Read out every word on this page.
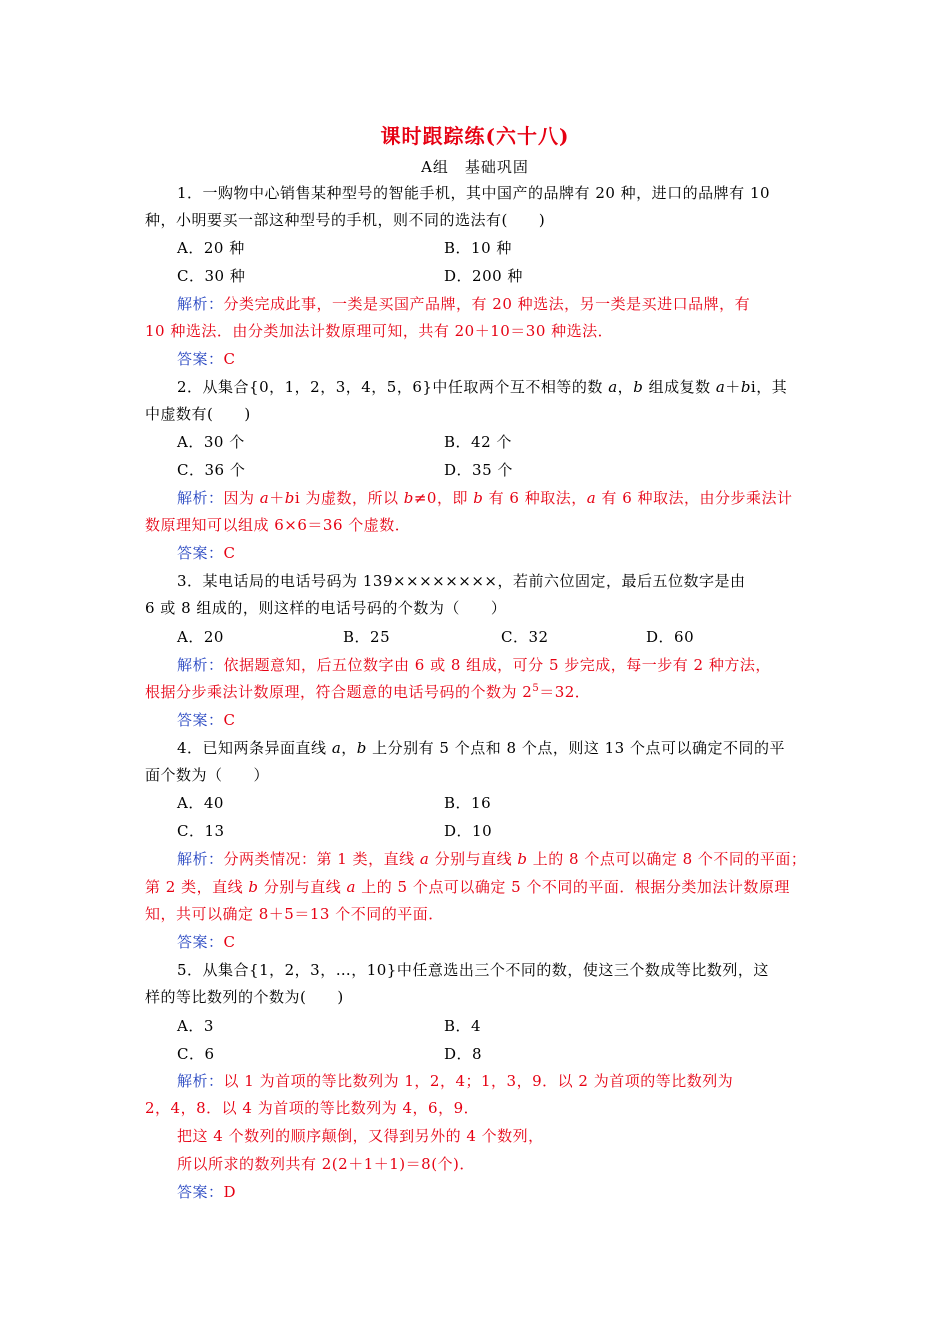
课时跟踪练(六十八)
A组　基础巩固
1．一购物中心销售某种型号的智能手机，其中国产的品牌有 20 种，进口的品牌有 10
种，小明要买一部这种型号的手机，则不同的选法有(　　)
A．20 种	B．10 种
C．30 种	D．200 种
解析：分类完成此事，一类是买国产品牌，有 20 种选法，另一类是买进口品牌，有
10 种选法．由分类加法计数原理可知，共有 20＋10＝30 种选法．
答案：C
2．从集合{0，1，2，3，4，5，6}中任取两个互不相等的数 a，b 组成复数 a＋bi，其
中虚数有(　　)
A．30 个	B．42 个
C．36 个	D．35 个
解析：因为 a＋bi 为虚数，所以 b≠0，即 b 有 6 种取法，a 有 6 种取法，由分步乘法计
数原理知可以组成 6×6＝36 个虚数．
答案：C
3．某电话局的电话号码为 139××××××××，若前六位固定，最后五位数字是由
6 或 8 组成的，则这样的电话号码的个数为（　　）
A．20	B．25	C．32	D．60
解析：依据题意知，后五位数字由 6 或 8 组成，可分 5 步完成，每一步有 2 种方法，
根据分步乘法计数原理，符合题意的电话号码的个数为 $2^5=32$．
答案：C
4．已知两条异面直线 a，b 上分别有 5 个点和 8 个点，则这 13 个点可以确定不同的平
面个数为（　　）
A．40	B．16
C．13	D．10
解析：分两类情况：第 1 类，直线 a 分别与直线 b 上的 8 个点可以确定 8 个不同的平面；
第 2 类，直线 b 分别与直线 a 上的 5 个点可以确定 5 个不同的平面．根据分类加法计数原理
知，共可以确定 8＋5＝13 个不同的平面．
答案：C
5．从集合{1，2，3，…，10}中任意选出三个不同的数，使这三个数成等比数列，这
样的等比数列的个数为(　　)
A．3	B．4
C．6	D．8
解析：以 1 为首项的等比数列为 1，2，4；1，3，9．以 2 为首项的等比数列为
2，4，8．以 4 为首项的等比数列为 4，6，9．
把这 4 个数列的顺序颠倒，又得到另外的 4 个数列，
所以所求的数列共有 2(2＋1＋1)＝8(个)．
答案：D
